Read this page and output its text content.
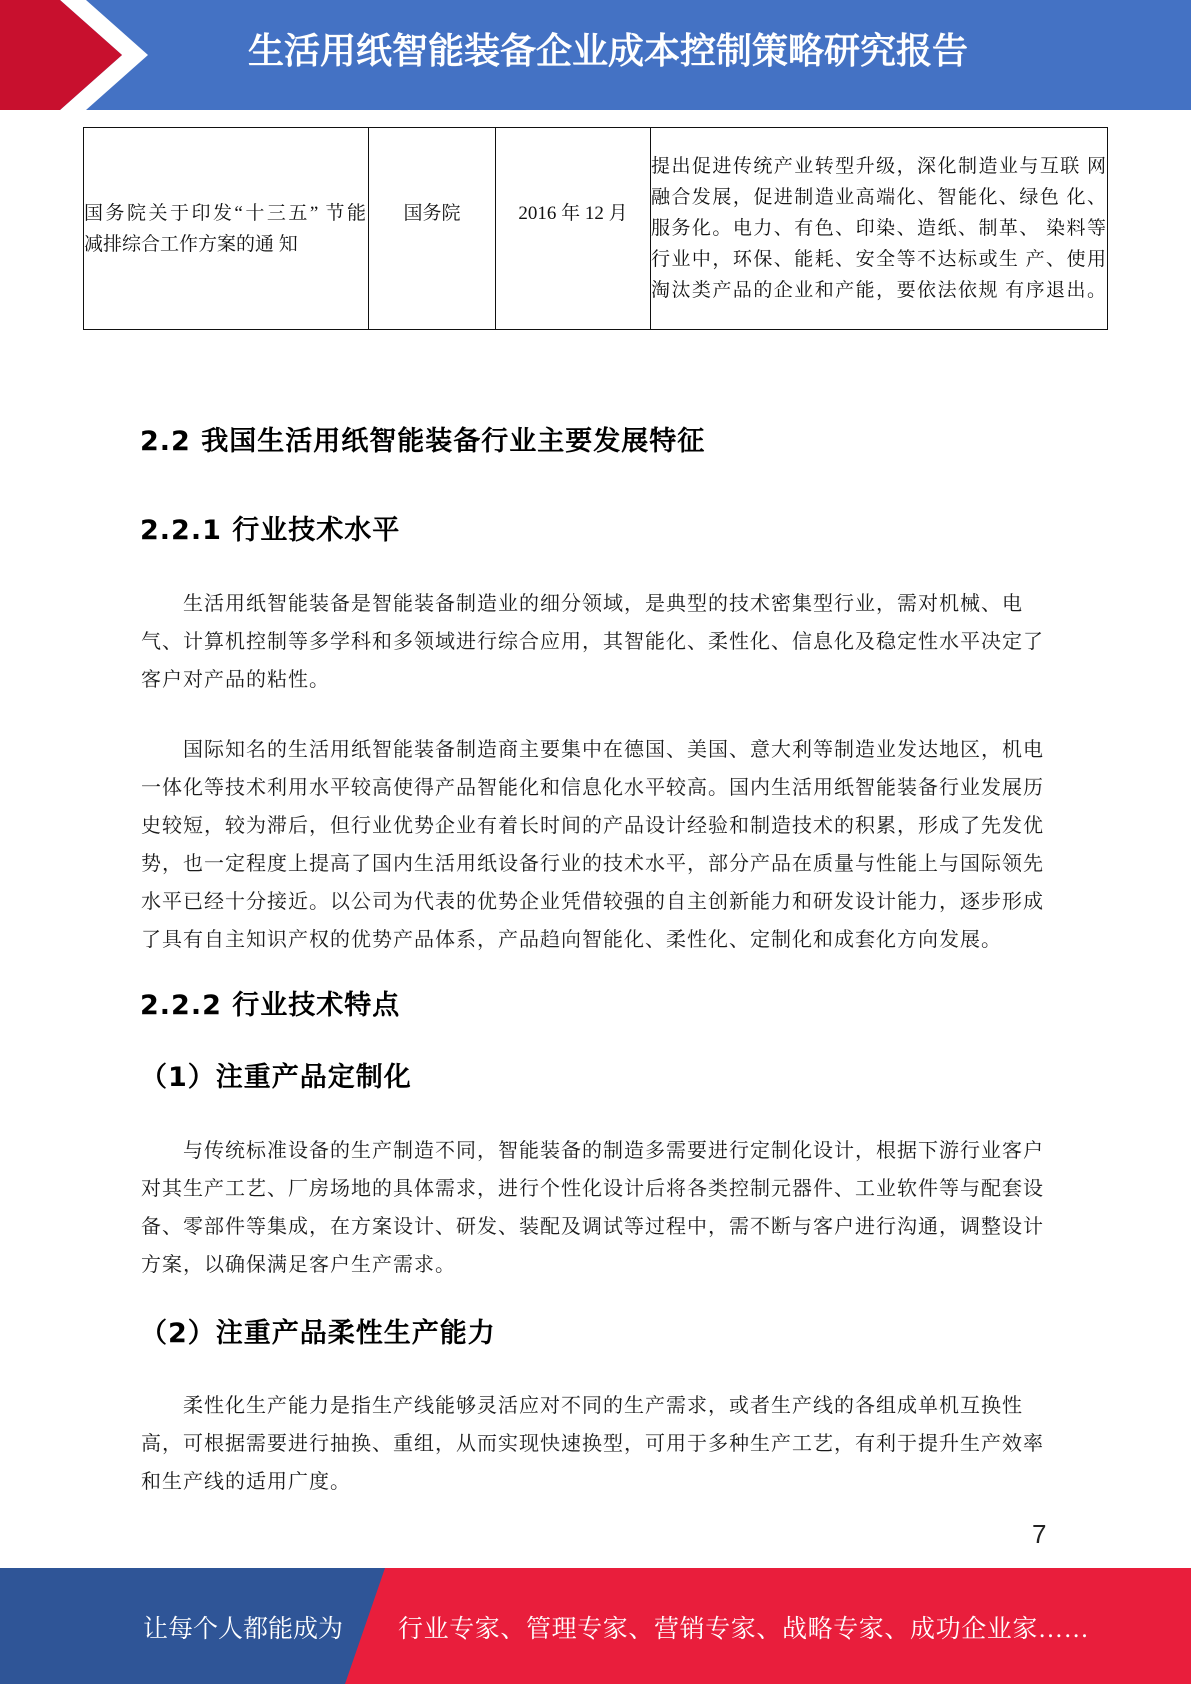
生活用纸智能装备企业成本控制策略研究报告
国务院关于印发“十三五” 节能
减排综合工作方案的通 知
国务院	2016 年 12 月
提出促进传统产业转型升级，深化制造业与互联 网
融合发展，促进制造业高端化、智能化、绿色 化、
服务化。电力、有色、印染、造纸、制革、 染料等
行业中，环保、能耗、安全等不达标或生 产、使用
淘汰类产品的企业和产能，要依法依规 有序退出。
2.2 我国生活用纸智能装备行业主要发展特征
2.2.1 行业技术水平

生活用纸智能装备是智能装备制造业的细分领域，是典型的技术密集型行业，需对机械、电气、计算机控制等多学科和多领域进行综合应用，其智能化、柔性化、信息化及稳定性水平决定了客户对产品的粘性。

国际知名的生活用纸智能装备制造商主要集中在德国、美国、意大利等制造业发达地区，机电一体化等技术利用水平较高使得产品智能化和信息化水平较高。国内生活用纸智能装备行业发展历史较短，较为滞后，但行业优势企业有着长时间的产品设计经验和制造技术的积累，形成了先发优势，也一定程度上提高了国内生活用纸设备行业的技术水平，部分产品在质量与性能上与国际领先水平已经十分接近。以公司为代表的优势企业凭借较强的自主创新能力和研发设计能力，逐步形成了具有自主知识产权的优势产品体系，产品趋向智能化、柔性化、定制化和成套化方向发展。

2.2.2 行业技术特点
（1）注重产品定制化

与传统标准设备的生产制造不同，智能装备的制造多需要进行定制化设计，根据下游行业客户对其生产工艺、厂房场地的具体需求，进行个性化设计后将各类控制元器件、工业软件等与配套设备、零部件等集成，在方案设计、研发、装配及调试等过程中，需不断与客户进行沟通，调整设计方案，以确保满足客户生产需求。

（2）注重产品柔性生产能力

柔性化生产能力是指生产线能够灵活应对不同的生产需求，或者生产线的各组成单机互换性高，可根据需要进行抽换、重组，从而实现快速换型，可用于多种生产工艺，有利于提升生产效率和生产线的适用广度。

7
让每个人都能成为 行业专家、管理专家、营销专家、战略专家、成功企业家……
